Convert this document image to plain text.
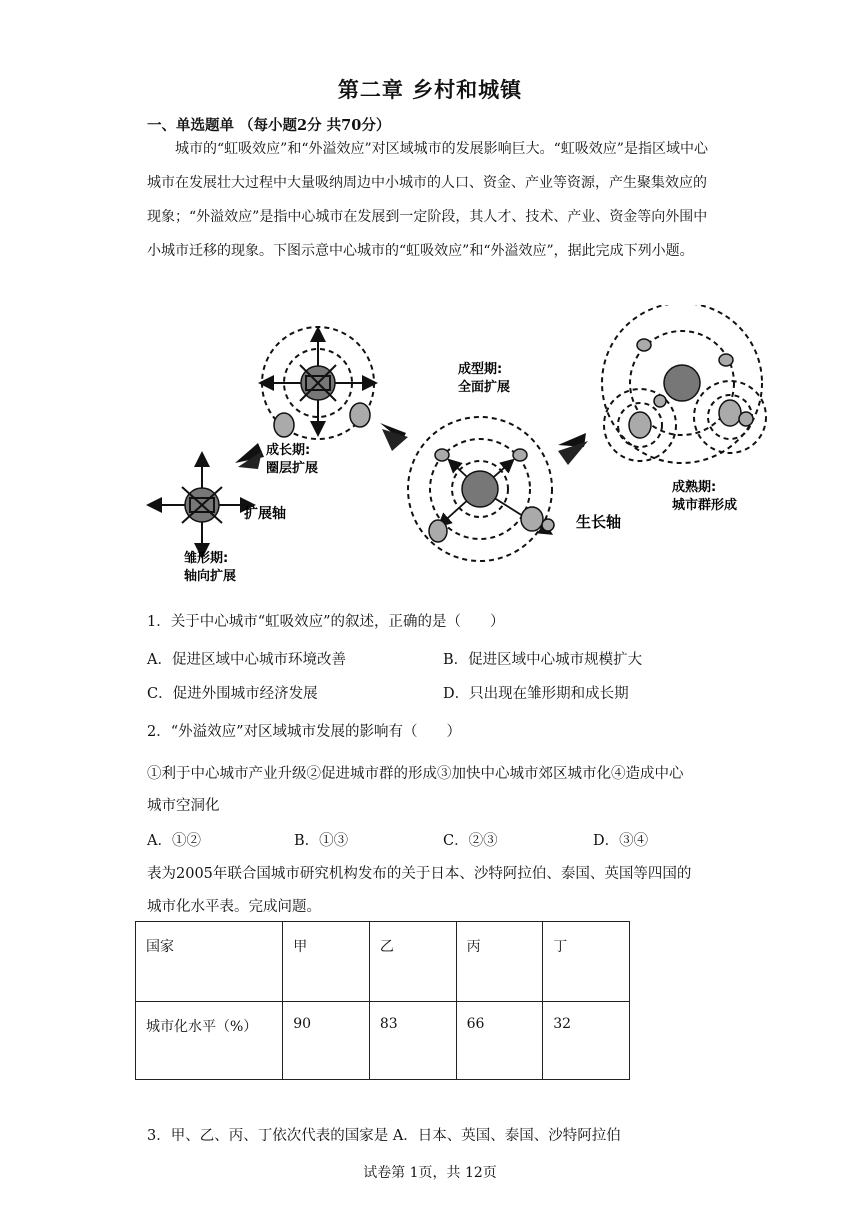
第二章 乡村和城镇
一、单选题单 （每小题2分 共70分）
城市的“虹吸效应”和“外溢效应”对区域城市的发展影响巨大。“虹吸效应”是指区域中心城市在发展壮大过程中大量吸纳周边中小城市的人口、资金、产业等资源，产生聚集效应的现象；“外溢效应”是指中心城市在发展到一定阶段，其人才、技术、产业、资金等向外围中小城市迁移的现象。下图示意中心城市的“虹吸效应”和“外溢效应”，据此完成下列小题。
扩展轴
雏形期:
轴向扩展
成长期:
圈层扩展
成型期:
全面扩展
生长轴
成熟期:
城市群形成
1．关于中心城市“虹吸效应”的叙述，正确的是（　　）
A．促进区域中心城市环境改善	B．促进区域中心城市规模扩大
C．促进外围城市经济发展	D．只出现在雏形期和成长期
2．“外溢效应”对区域城市发展的影响有（　　）
①利于中心城市产业升级②促进城市群的形成③加快中心城市郊区城市化④造成中心
城市空洞化
A．①②	B．①③	C．②③	D．③④
表为2005年联合国城市研究机构发布的关于日本、沙特阿拉伯、泰国、英国等四国的
城市化水平表。完成问题。
国家	甲	乙	丙	丁
城市化水平（%）	90	83	66	32
3．甲、乙、丙、丁依次代表的国家是 A．日本、英国、泰国、沙特阿拉伯
试卷第 1页，共 12页
